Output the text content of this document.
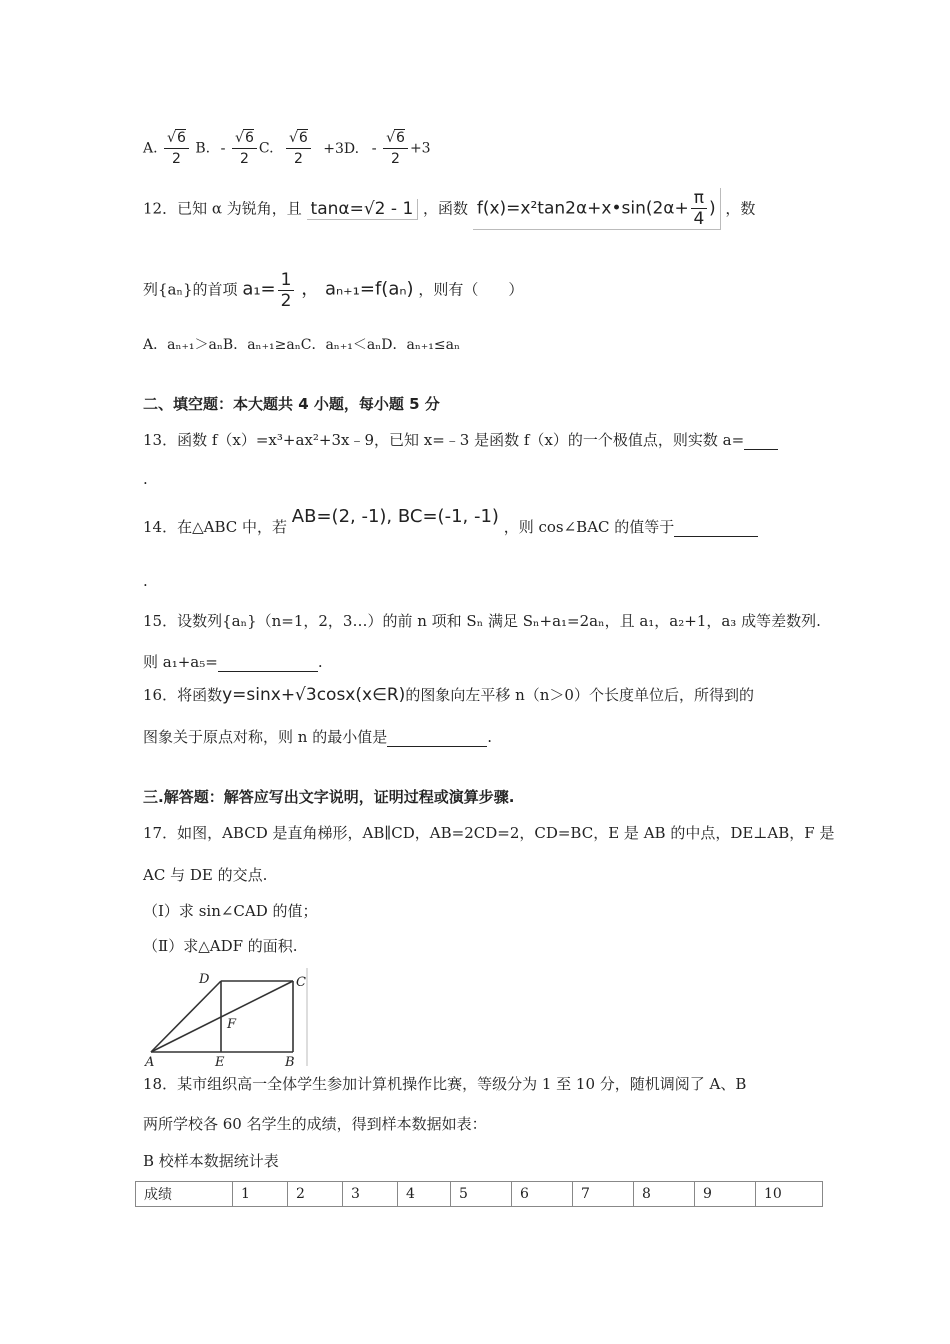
A. $\frac{√6}{2} B$. - $\frac{√6}{2} C$. $\frac{√6}{2} +3D$. - $\frac{√6}{2} +3$
12．已知 α 为锐角，且 tanα=√2 - 1 ，函数 f(x)=x²tan2α+x•sin(2α+ $\frac{\pi}{4}$ ) ，数
列{aₙ}的首项 $a_1= \frac{1}{2}$ ， aₙ₊₁=f(aₙ) ，则有（　　）
A．aₙ₊₁＞aₙB．aₙ₊₁≥aₙC．aₙ₊₁＜aₙD．aₙ₊₁≤aₙ
二、填空题：本大题共 4 小题，每小题 5 分
13．函数 f（x）=x³+ax²+3x﹣9，已知 x=﹣3 是函数 f（x）的一个极值点，则实数 a=
.
14．在△ABC 中，若 AB=(2, -1), BC=(-1, -1) ，则 cos∠BAC 的值等于
.
15．设数列{aₙ}（n=1，2，3…）的前 n 项和 Sₙ 满足 Sₙ+a₁=2aₙ，且 a₁，a₂+1，a₃ 成等差数列.
则 a₁+a₅=	.
16．将函数y=sinx+√3cosx(x∈R)的图象向左平移 n（n＞0）个长度单位后，所得到的
图象关于原点对称，则 n 的最小值是	.
三.解答题：解答应写出文字说明，证明过程或演算步骤.
17．如图，ABCD 是直角梯形，AB∥CD，AB=2CD=2，CD=BC，E 是 AB 的中点，DE⊥AB，F 是
AC 与 DE 的交点.
（Ⅰ）求 sin∠CAD 的值；
（Ⅱ）求△ADF 的面积.
D	C
F
A	E	B
18．某市组织高一全体学生参加计算机操作比赛，等级分为 1 至 10 分，随机调阅了 A、B
两所学校各 60 名学生的成绩，得到样本数据如表：
B 校样本数据统计表
成绩	1	2	3	4	5	6	7	8	9	10
